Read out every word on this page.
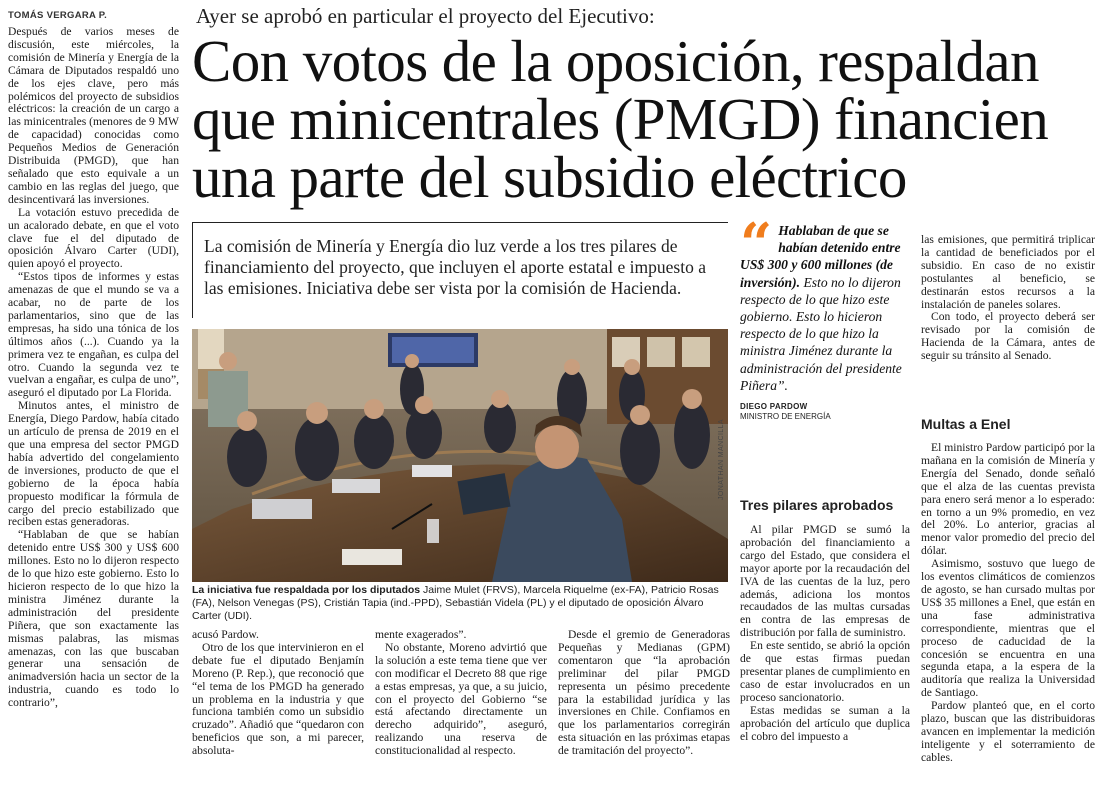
TOMÁS VERGARA P.

Después de varios meses de discusión, este miércoles, la comisión de Minería y Energía de la Cámara de Diputados respaldó uno de los ejes clave, pero más polémicos del proyecto de subsidios eléctricos: la creación de un cargo a las minicentrales (menores de 9 MW de capacidad) conocidas como Pequeños Medios de Generación Distribuida (PMGD), que han señalado que esto equivale a un cambio en las reglas del juego, que desincentivará las inversiones.

La votación estuvo precedida de un acalorado debate, en que el voto clave fue el del diputado de oposición Álvaro Carter (UDI), quien apoyó el proyecto.

“Estos tipos de informes y estas amenazas de que el mundo se va a acabar, no de parte de los parlamentarios, sino que de las empresas, ha sido una tónica de los últimos años (...). Cuando ya la primera vez te engañan, es culpa del otro. Cuando la segunda vez te vuelvan a engañar, es culpa de uno”, aseguró el diputado por La Florida.

Minutos antes, el ministro de Energía, Diego Pardow, había citado un artículo de prensa de 2019 en el que una empresa del sector PMGD había advertido del congelamiento de inversiones, producto de que el gobierno de la época había propuesto modificar la fórmula de cargo del precio estabilizado que reciben estas generadoras.

“Hablaban de que se habían detenido entre US$ 300 y US$ 600 millones. Esto no lo dijeron respecto de lo que hizo este gobierno. Esto lo hicieron respecto de lo que hizo la ministra Jiménez durante la administración del presidente Piñera, que son exactamente las mismas palabras, las mismas amenazas, con las que buscaban generar una sensación de animadversión hacia un sector de la industria, cuando es todo lo contrario”,

Ayer se aprobó en particular el proyecto del Ejecutivo:
Con votos de la oposición, respaldan que minicentrales (PMGD) financien una parte del subsidio eléctrico

La comisión de Minería y Energía dio luz verde a los tres pilares de financiamiento del proyecto, que incluyen el aporte estatal e impuesto a las emisiones. Iniciativa debe ser vista por la comisión de Hacienda.

La iniciativa fue respaldada por los diputados Jaime Mulet (FRVS), Marcela Riquelme (ex-FA), Patricio Rosas (FA), Nelson Venegas (PS), Cristián Tapia (ind.-PPD), Sebastián Videla (PL) y el diputado de oposición Álvaro Carter (UDI).

JONATHAN MANCILLA

acusó Pardow.

Otro de los que intervinieron en el debate fue el diputado Benjamín Moreno (P. Rep.), que reconoció que “el tema de los PMGD ha generado un problema en la industria y que funciona también como un subsidio cruzado”. Añadió que “quedaron con beneficios que son, a mi parecer, absoluta-

mente exagerados”.

No obstante, Moreno advirtió que la solución a este tema tiene que ver con modificar el Decreto 88 que rige a estas empresas, ya que, a su juicio, con el proyecto del Gobierno “se está afectando directamente un derecho adquirido”, aseguró, realizando una reserva de constitucionalidad al respecto.

Desde el gremio de Generadoras Pequeñas y Medianas (GPM) comentaron que “la aprobación preliminar del pilar PMGD representa un pésimo precedente para la estabilidad jurídica y las inversiones en Chile. Confiamos en que los parlamentarios corregirán esta situación en las próximas etapas de tramitación del proyecto”.

“ Hablaban de que se habían detenido entre US$ 300 y 600 millones (de inversión). Esto no lo dijeron respecto de lo que hizo este gobierno. Esto lo hicieron respecto de lo que hizo la ministra Jiménez durante la administración del presidente Piñera”.

DIEGO PARDOW
MINISTRO DE ENERGÍA
Tres pilares aprobados

Al pilar PMGD se sumó la aprobación del financiamiento a cargo del Estado, que considera el mayor aporte por la recaudación del IVA de las cuentas de la luz, pero además, adiciona los montos recaudados de las multas cursadas en contra de las empresas de distribución por falla de suministro.

En este sentido, se abrió la opción de que estas firmas puedan presentar planes de cumplimiento en caso de estar involucrados en un proceso sancionatorio.

Estas medidas se suman a la aprobación del artículo que duplica el cobro del impuesto a

las emisiones, que permitirá triplicar la cantidad de beneficiados por el subsidio. En caso de no existir postulantes al beneficio, se destinarán estos recursos a la instalación de paneles solares.

Con todo, el proyecto deberá ser revisado por la comisión de Hacienda de la Cámara, antes de seguir su tránsito al Senado.

Multas a Enel

El ministro Pardow participó por la mañana en la comisión de Minería y Energía del Senado, donde señaló que el alza de las cuentas prevista para enero será menor a lo esperado: en torno a un 9% promedio, en vez del 20%. Lo anterior, gracias al menor valor promedio del precio del dólar.

Asimismo, sostuvo que luego de los eventos climáticos de comienzos de agosto, se han cursado multas por US$ 35 millones a Enel, que están en una fase administrativa correspondiente, mientras que el proceso de caducidad de la concesión se encuentra en una segunda etapa, a la espera de la auditoría que realiza la Universidad de Santiago.

Pardow planteó que, en el corto plazo, buscan que las distribuidoras avancen en implementar la medición inteligente y el soterramiento de cables.
